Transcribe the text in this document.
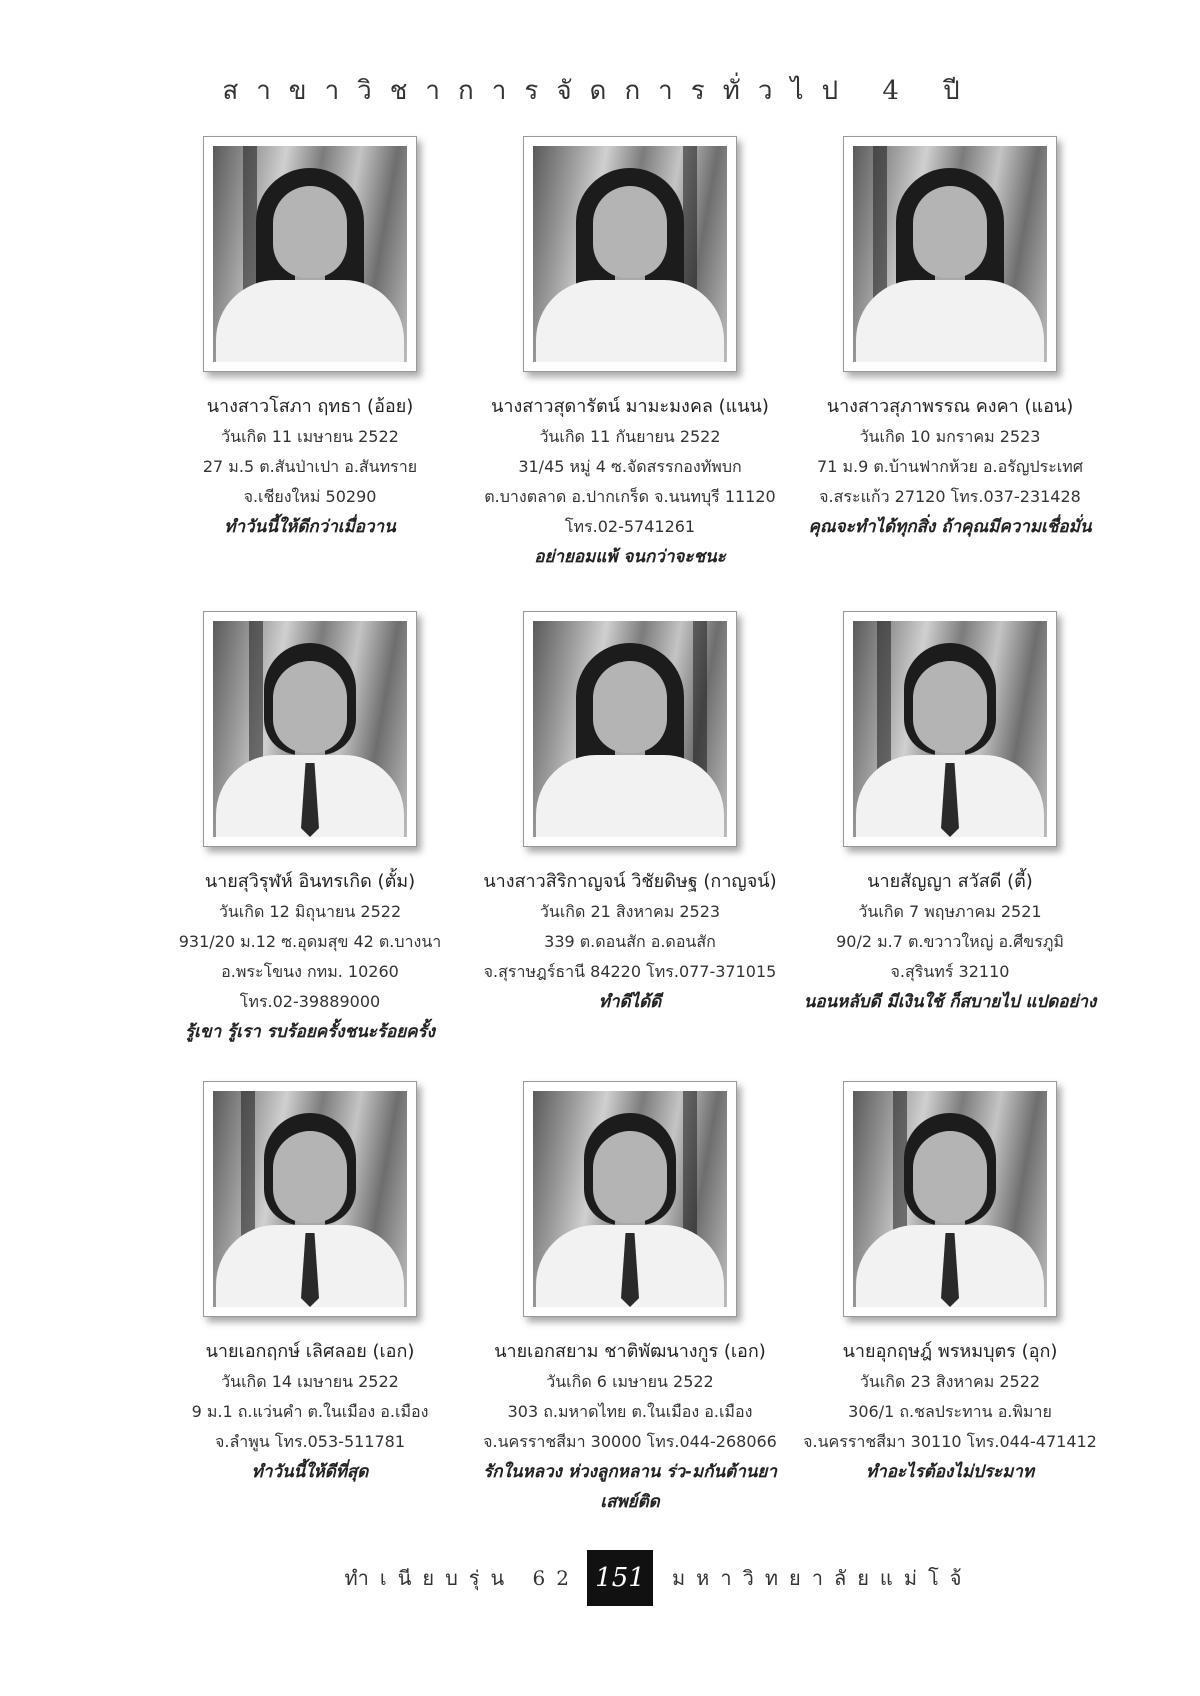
สาขาวิชาการจัดการทั่วไป 4 ปี
นางสาวโสภา ฤทธา (อ้อย)
วันเกิด 11 เมษายน 2522
27 ม.5 ต.สันป่าเปา อ.สันทราย
จ.เชียงใหม่ 50290
ทำวันนี้ให้ดีกว่าเมื่อวาน
นางสาวสุดารัตน์ มามะมงคล (แนน)
วันเกิด 11 กันยายน 2522
31/45 หมู่ 4 ซ.จัดสรรกองทัพบก
ต.บางตลาด อ.ปากเกร็ด จ.นนทบุรี 11120
โทร.02-5741261
อย่ายอมแพ้ จนกว่าจะชนะ
นางสาวสุภาพรรณ คงคา (แอน)
วันเกิด 10 มกราคม 2523
71 ม.9 ต.บ้านฟากห้วย อ.อรัญประเทศ
จ.สระแก้ว 27120 โทร.037-231428
คุณจะทำได้ทุกสิ่ง ถ้าคุณมีความเชื่อมั่น
นายสุวิรุฬห์ อินทรเกิด (ตั้ม)
วันเกิด 12 มิถุนายน 2522
931/20 ม.12 ซ.อุดมสุข 42 ต.บางนา
อ.พระโขนง กทม. 10260
โทร.02-39889000
รู้เขา รู้เรา รบร้อยครั้งชนะร้อยครั้ง
นางสาวสิริกาญจน์ วิชัยดิษฐ (กาญจน์)
วันเกิด 21 สิงหาคม 2523
339 ต.ดอนสัก อ.ดอนสัก
จ.สุราษฎร์ธานี 84220 โทร.077-371015
ทำดีได้ดี
นายสัญญา สวัสดี (ตี้)
วันเกิด 7 พฤษภาคม 2521
90/2 ม.7 ต.ขวาวใหญ่ อ.ศีขรภูมิ
จ.สุรินทร์ 32110
นอนหลับดี มีเงินใช้ ก็สบายไป แปดอย่าง
นายเอกฤกษ์ เลิศลอย (เอก)
วันเกิด 14 เมษายน 2522
9 ม.1 ถ.แว่นคำ ต.ในเมือง อ.เมือง
จ.ลำพูน โทร.053-511781
ทำวันนี้ให้ดีที่สุด
นายเอกสยาม ชาติพัฒนางกูร (เอก)
วันเกิด 6 เมษายน 2522
303 ถ.มหาดไทย ต.ในเมือง อ.เมือง
จ.นครราชสีมา 30000 โทร.044-268066
รักในหลวง ห่วงลูกหลาน ร่ว-มกันต้านยาเสพย์ติด
นายอุกฤษฎ์ พรหมบุตร (อุก)
วันเกิด 23 สิงหาคม 2522
306/1 ถ.ชลประทาน อ.พิมาย
จ.นครราชสีมา 30110 โทร.044-471412
ทำอะไรต้องไม่ประมาท
ทำเนียบรุ่น 62 151	มหาวิทยาลัยแม่โจ้
